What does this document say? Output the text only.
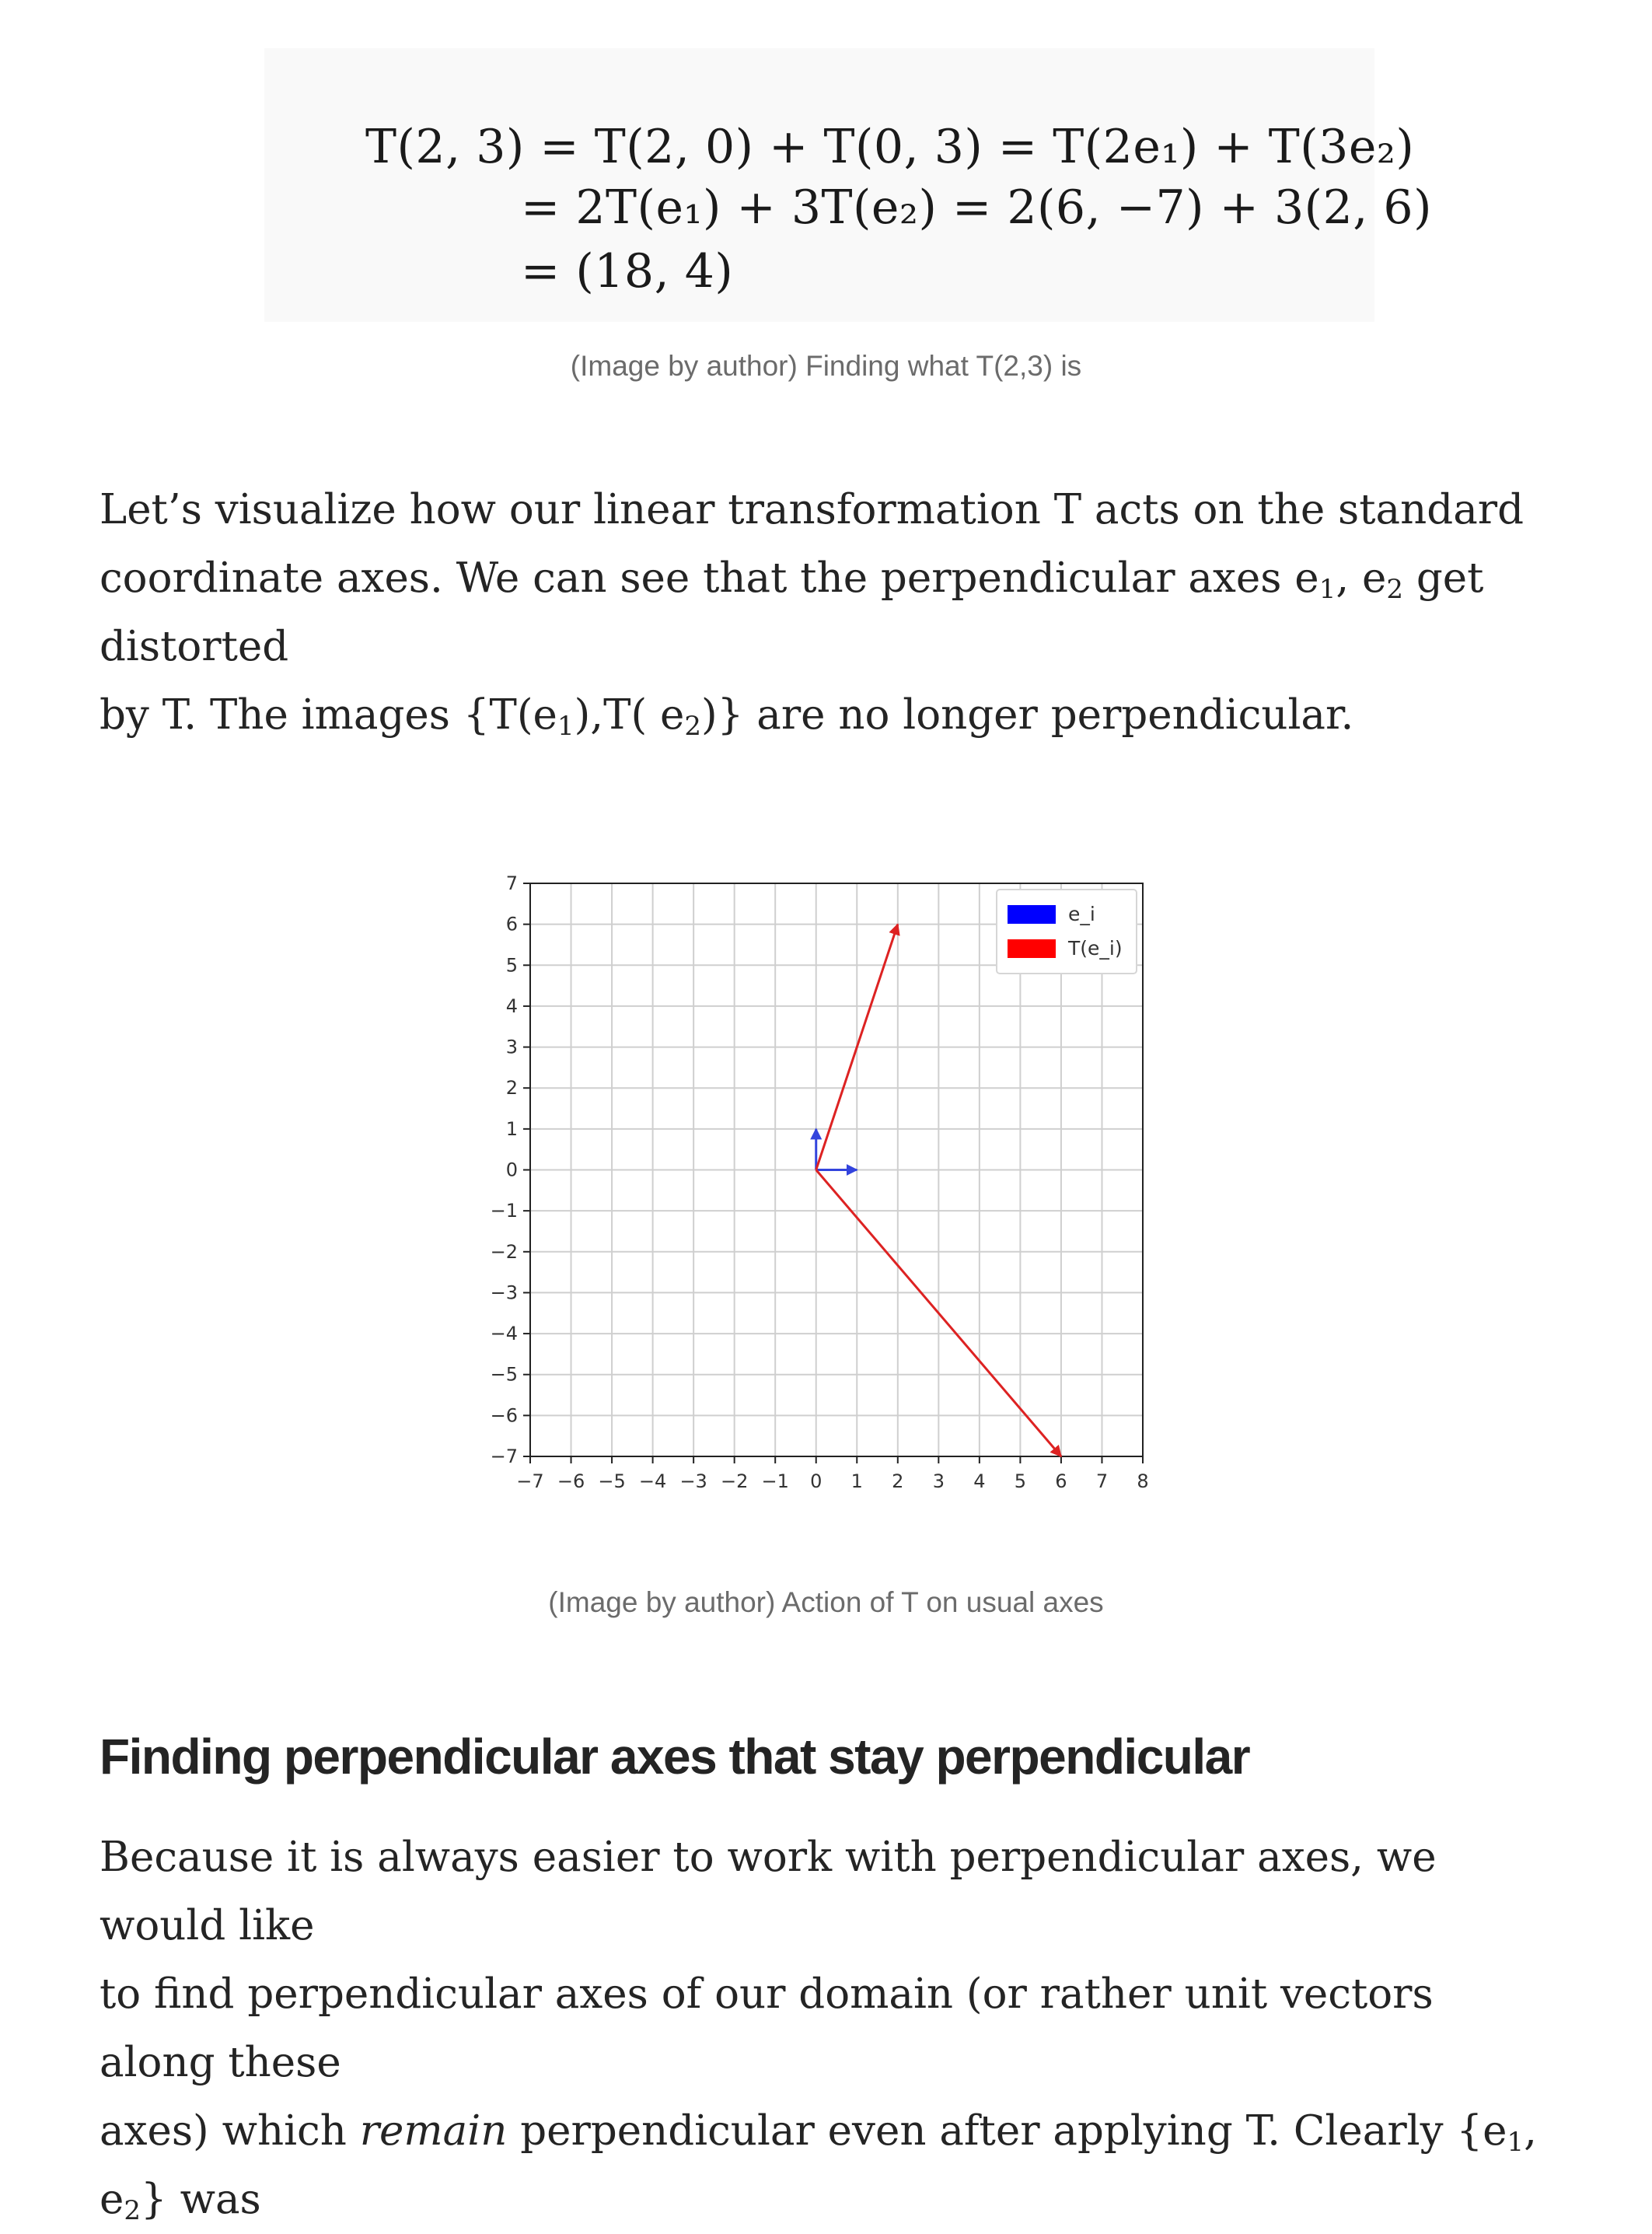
T(2, 3) = T(2, 0) + T(0, 3) = T(2e₁) + T(3e₂)
= 2T(e₁) + 3T(e₂) = 2(6, −7) + 3(2, 6)
= (18, 4)
(Image by author) Finding what T(2,3) is

Let’s visualize how our linear transformation T acts on the standard
coordinate axes. We can see that the perpendicular axes $e_1$, $e_2$ get distorted
by T. The images {$T(e_1),T$( $e_2$)} are no longer perpendicular.

−7 −6 −5 −4 −3 −2 −1 0 1 2 3 4 5 6 7 8
7
6
5
4
3
2
1
0
−1
−2
−3
−4
−5
−6
−7
e_i
T(e_i)
(Image by author) Action of T on usual axes
Finding perpendicular axes that stay perpendicular

Because it is always easier to work with perpendicular axes, we would like
to find perpendicular axes of our domain (or rather unit vectors along these
axes) which remain perpendicular even after applying T. Clearly {$e_1$, $e_2$} was
